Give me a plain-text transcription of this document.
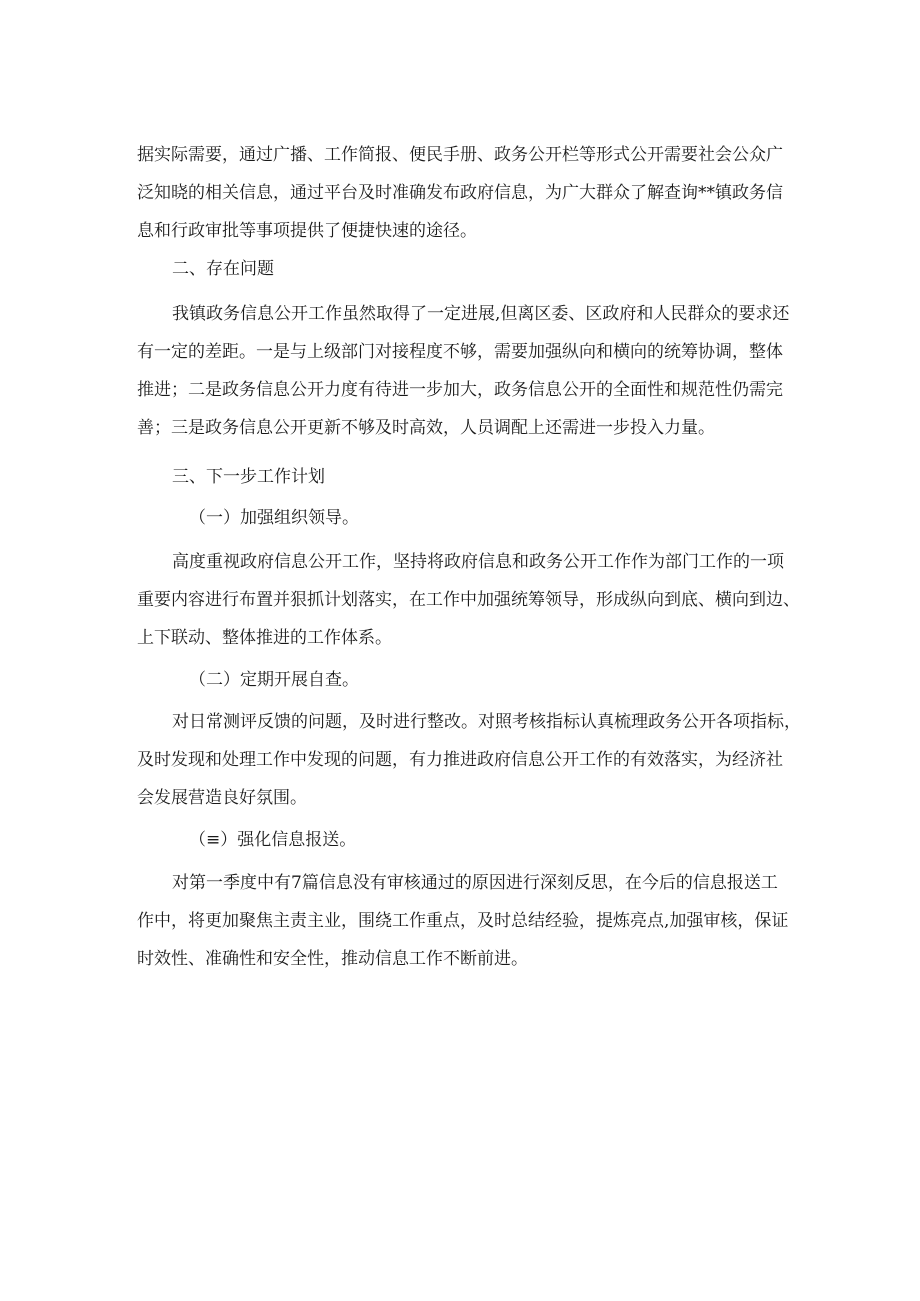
据实际需要，通过广播、工作简报、便民手册、政务公开栏等形式公开需要社会公众广
泛知晓的相关信息，通过平台及时准确发布政府信息，为广大群众了解查询**镇政务信
息和行政审批等事项提供了便捷快速的途径。
二、存在问题
我镇政务信息公开工作虽然取得了一定进展,但离区委、区政府和人民群众的要求还
有一定的差距。一是与上级部门对接程度不够，需要加强纵向和横向的统筹协调，整体
推进；二是政务信息公开力度有待进一步加大，政务信息公开的全面性和规范性仍需完
善；三是政务信息公开更新不够及时高效，人员调配上还需进一步投入力量。
三、下一步工作计划
（一）加强组织领导。
高度重视政府信息公开工作，坚持将政府信息和政务公开工作作为部门工作的一项
重要内容进行布置并狠抓计划落实，在工作中加强统筹领导，形成纵向到底、横向到边、
上下联动、整体推进的工作体系。
（二）定期开展自查。
对日常测评反馈的问题，及时进行整改。对照考核指标认真梳理政务公开各项指标，
及时发现和处理工作中发现的问题，有力推进政府信息公开工作的有效落实，为经济社
会发展营造良好氛围。
（≡）强化信息报送。
对第一季度中有7篇信息没有审核通过的原因进行深刻反思，在今后的信息报送工
作中，将更加聚焦主责主业，围绕工作重点，及时总结经验，提炼亮点,加强审核，保证
时效性、准确性和安全性，推动信息工作不断前进。
